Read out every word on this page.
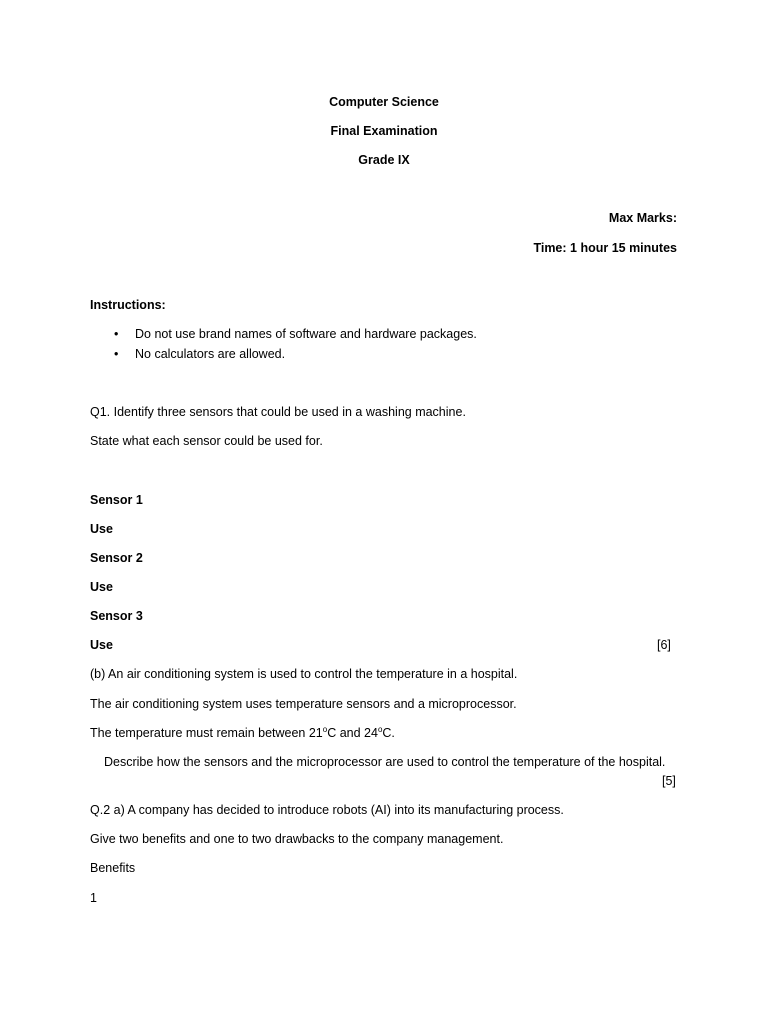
Computer Science
Final Examination
Grade IX
Max Marks:
Time: 1 hour 15 minutes
Instructions:
• Do not use brand names of software and hardware packages.
• No calculators are allowed.
Q1. Identify three sensors that could be used in a washing machine.
State what each sensor could be used for.
Sensor 1
Use
Sensor 2
Use
Sensor 3
Use	[6]
(b) An air conditioning system is used to control the temperature in a hospital.
The air conditioning system uses temperature sensors and a microprocessor.
The temperature must remain between 21$^o$C and 24$^o$C.
Describe how the sensors and the microprocessor are used to control the temperature of the hospital.
[5]
Q.2 a) A company has decided to introduce robots (AI) into its manufacturing process.
Give two benefits and one to two drawbacks to the company management.
Benefits
1
